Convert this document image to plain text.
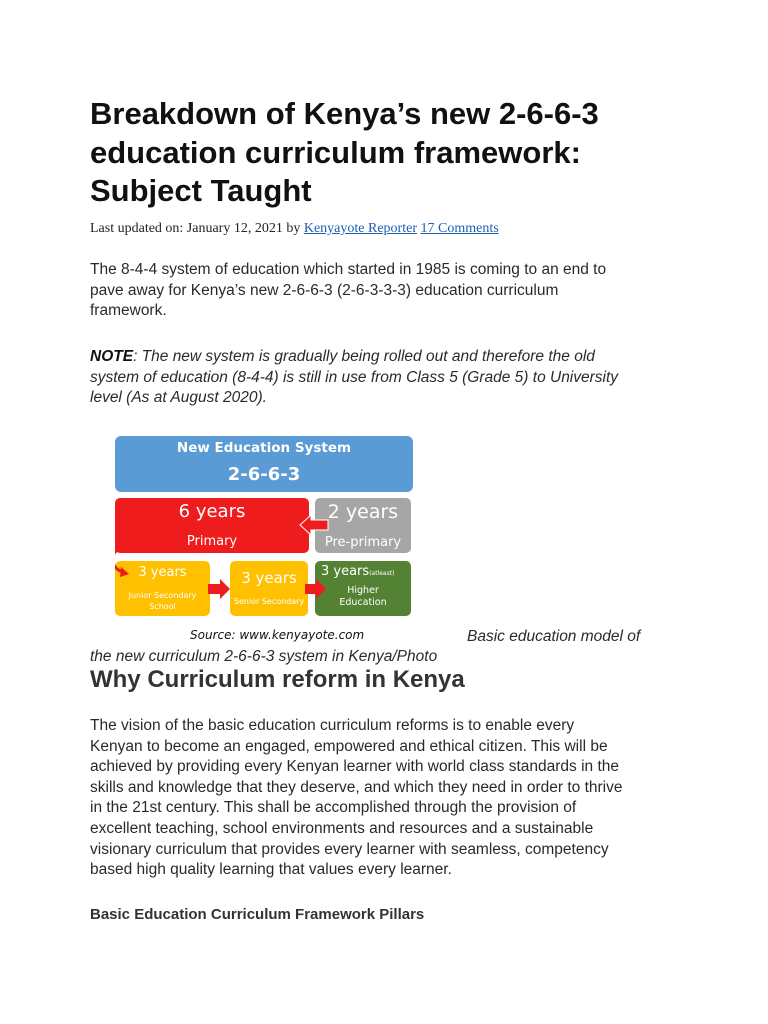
Breakdown of Kenya’s new 2-6-6-3
education curriculum framework:
Subject Taught
Last updated on: January 12, 2021 by Kenyayote Reporter 17 Comments

The 8-4-4 system of education which started in 1985 is coming to an end to
pave away for Kenya’s new 2-6-6-3 (2-6-3-3-3) education curriculum
framework.

NOTE: The new system is gradually being rolled out and therefore the old
system of education (8-4-4) is still in use from Class 5 (Grade 5) to University
level (As at August 2020).

New Education System
2-6-6-3
6 years
Primary
2 years
Pre-primary
3 years
Junior Secondary
School
3 years
Senior Secondary
3 years(atleast)
Higher
Education
Source: www.kenyayote.com	Basic education model of
the new curriculum 2-6-6-3 system in Kenya/Photo

Why Curriculum reform in Kenya

The vision of the basic education curriculum reforms is to enable every
Kenyan to become an engaged, empowered and ethical citizen. This will be
achieved by providing every Kenyan learner with world class standards in the
skills and knowledge that they deserve, and which they need in order to thrive
in the 21st century. This shall be accomplished through the provision of
excellent teaching, school environments and resources and a sustainable
visionary curriculum that provides every learner with seamless, competency
based high quality learning that values every learner.

Basic Education Curriculum Framework Pillars
